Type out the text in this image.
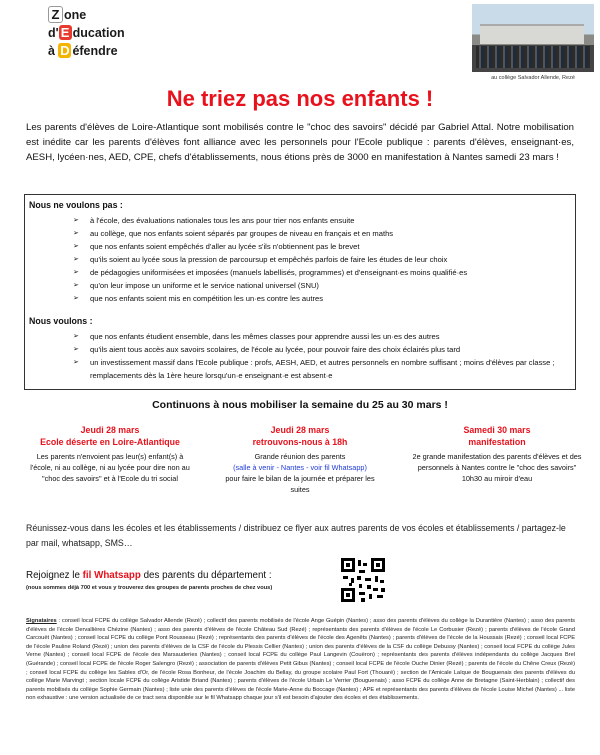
Z one
d' E ducation
à D éfendre
au collège Salvador Allende, Rezé
Ne triez pas nos enfants !
Les parents d'élèves de Loire-Atlantique sont mobilisés contre le "choc des savoirs" décidé par Gabriel Attal. Notre mobilisation est inédite car les parents d'élèves font alliance avec les personnels pour l'Ecole publique : parents d'élèves, enseignant·es, AESH, lycéen·nes, AED, CPE, chefs d'établissements, nous étions près de 3000 en manifestation à Nantes samedi 23 mars !
Nous ne voulons pas :
➢ à l'école, des évaluations nationales tous les ans pour trier nos enfants ensuite
➢ au collège, que nos enfants soient séparés par groupes de niveau en français et en maths
➢ que nos enfants soient empêchés d'aller au lycée s'ils n'obtiennent pas le brevet
➢ qu'ils soient au lycée sous la pression de parcoursup et empêchés parfois de faire les études de leur choix
➢ de pédagogies uniformisées et imposées (manuels labellisés, programmes) et d'enseignant·es moins qualifié·es
➢ qu'on leur impose un uniforme et le service national universel (SNU)
➢ que nos enfants soient mis en compétition les un·es contre les autres
Nous voulons :
➢ que nos enfants étudient ensemble, dans les mêmes classes pour apprendre aussi les un·es des autres
➢ qu'ils aient tous accès aux savoirs scolaires, de l'école au lycée, pour pouvoir faire des choix éclairés plus tard
➢ un investissement massif dans l'Ecole publique : profs, AESH, AED, et autres personnels en nombre suffisant ; moins d'élèves par classe ; remplacements dès la 1ère heure lorsqu'un·e enseignant·e est absent·e
Continuons à nous mobiliser la semaine du 25 au 30 mars !
Jeudi 28 mars
Ecole déserte en Loire-Atlantique
Les parents n'envoient pas leur(s) enfant(s) à l'école, ni au collège, ni au lycée pour dire non au "choc des savoirs" et à l'Ecole du tri social
Jeudi 28 mars
retrouvons-nous à 18h
Grande réunion des parents
(salle à venir - Nantes - voir fil Whatsapp)
pour faire le bilan de la journée et préparer les suites
Samedi 30 mars
manifestation
2e grande manifestation des parents d'élèves et des personnels à Nantes contre le "choc des savoirs" 10h30 au miroir d'eau
Réunissez-vous dans les écoles et les établissements / distribuez ce flyer aux autres parents de vos écoles et établissements / partagez-le par mail, whatsapp, SMS…
Rejoignez le fil Whatsapp des parents du département :
(nous sommes déjà 700 et vous y trouverez des groupes de parents proches de chez vous)
Signataires : conseil local FCPE du collège Salvador Allende (Rezé) ; collectif des parents mobilisés de l'école Ange Guépin (Nantes) ; asso des parents d'élèves du collège la Durantière (Nantes) ; asso des parents d'élèves de l'école Dervallières Chézine (Nantes) ; asso des parents d'élèves de l'école Château Sud (Rezé) ; représentants des parents d'élèves de l'école Le Corbusier (Rezé) ; parents d'élèves de l'école Grand Carcouët (Nantes) ; conseil local FCPE du collège Pont Rousseau (Rezé) ; représentants des parents d'élèves de l'école des Agenêts (Nantes) ; parents d'élèves de l'école de la Houssais (Rezé) ; conseil local FCPE de l'école Pauline Roland (Rezé) ; union des parents d'élèves de la CSF de l'école du Plessis Cellier (Nantes) ; union des parents d'élèves de la CSF du collège Debussy (Nantes) ; conseil local FCPE du collège Jules Verne (Nantes) ; conseil local FCPE de l'école des Marsauderies (Nantes) ; conseil local FCPE du collège Paul Langevin (Couëron) ; représentants des parents d'élèves indépendants du collège Jacques Brel (Guérande) ; conseil local FCPE de l'école Roger Salengro (Rezé) ; association de parents d'élèves Petit Gibus (Nantes) ; conseil local FCPE de l'école Ouche Dinier (Rezé) ; parents de l'école du Chêne Creux (Rezé) ; conseil local FCPE du collège les Sables d'Or, de l'école Rosa Bonheur, de l'école Joachim du Bellay, du groupe scolaire Paul Fort (Thouaré) ; section de l'Amicale Laïque de Bouguenais des parents d'élèves du collège Marie Marvingt ; section locale FCPE du collège Aristide Briand (Nantes) ; parents d'élèves de l'école Urbain Le Verrier (Bouguenais) ; asso FCPE du collège Anne de Bretagne (Saint-Herblain) ; collectif des parents mobilisés du collège Sophie Germain (Nantes) ; liste unie des parents d'élèves de l'école Marie-Anne du Boccage (Nantes) ; APE et représentants des parents d'élèves de l'école Louise Michel (Nantes) ... liste non exhaustive : une version actualisée de ce tract sera disponible sur le fil Whatsapp chaque jour s'il est besoin d'ajouter des écoles et des établissements.
